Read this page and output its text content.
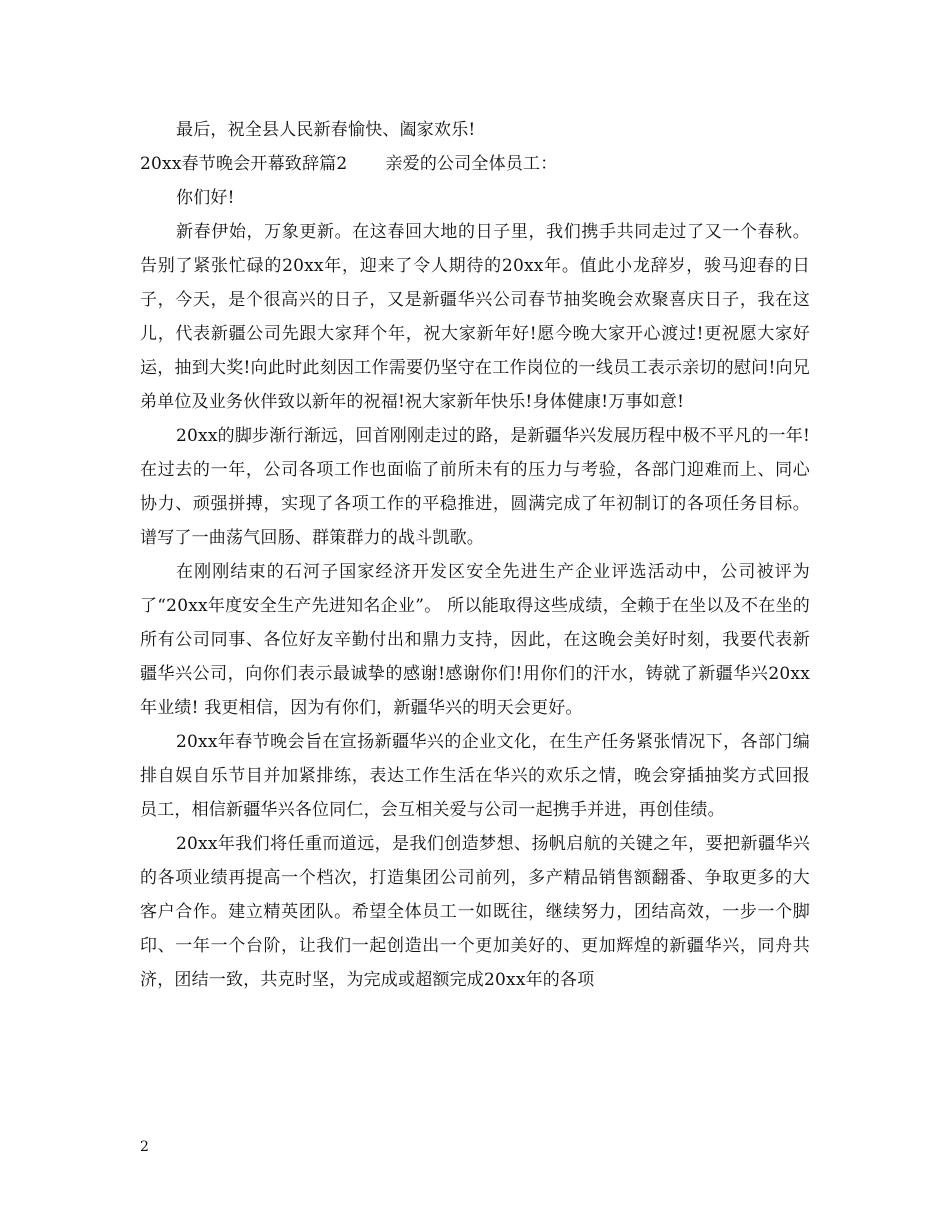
最后，祝全县人民新春愉快、阖家欢乐!

20xx春节晚会开幕致辞篇2 亲爱的公司全体员工：

你们好!

新春伊始，万象更新。在这春回大地的日子里，我们携手共同走过了又一个春秋。告别了紧张忙碌的20xx年，迎来了令人期待的20xx年。值此小龙辞岁，骏马迎春的日子，今天，是个很高兴的日子，又是新疆华兴公司春节抽奖晚会欢聚喜庆日子，我在这儿，代表新疆公司先跟大家拜个年，祝大家新年好!愿今晚大家开心渡过!更祝愿大家好运，抽到大奖!向此时此刻因工作需要仍坚守在工作岗位的一线员工表示亲切的慰问!向兄弟单位及业务伙伴致以新年的祝福!祝大家新年快乐!身体健康!万事如意!

20xx的脚步渐行渐远，回首刚刚走过的路，是新疆华兴发展历程中极不平凡的一年!在过去的一年，公司各项工作也面临了前所未有的压力与考验，各部门迎难而上、同心协力、顽强拼搏，实现了各项工作的平稳推进，圆满完成了年初制订的各项任务目标。谱写了一曲荡气回肠、群策群力的战斗凯歌。

在刚刚结束的石河子国家经济开发区安全先进生产企业评选活动中，公司被评为了“20xx年度安全生产先进知名企业”。 所以能取得这些成绩，全赖于在坐以及不在坐的所有公司同事、各位好友辛勤付出和鼎力支持，因此，在这晚会美好时刻，我要代表新疆华兴公司，向你们表示最诚挚的感谢!感谢你们!用你们的汗水，铸就了新疆华兴20xx年业绩! 我更相信，因为有你们，新疆华兴的明天会更好。

20xx年春节晚会旨在宣扬新疆华兴的企业文化，在生产任务紧张情况下，各部门编排自娱自乐节目并加紧排练，表达工作生活在华兴的欢乐之情，晚会穿插抽奖方式回报员工，相信新疆华兴各位同仁，会互相关爱与公司一起携手并进，再创佳绩。

20xx年我们将任重而道远，是我们创造梦想、扬帆启航的关键之年，要把新疆华兴的各项业绩再提高一个档次，打造集团公司前列，多产精品销售额翻番、争取更多的大客户合作。建立精英团队。希望全体员工一如既往，继续努力，团结高效，一步一个脚印、一年一个台阶，让我们一起创造出一个更加美好的、更加辉煌的新疆华兴，同舟共济，团结一致，共克时坚，为完成或超额完成20xx年的各项

2
